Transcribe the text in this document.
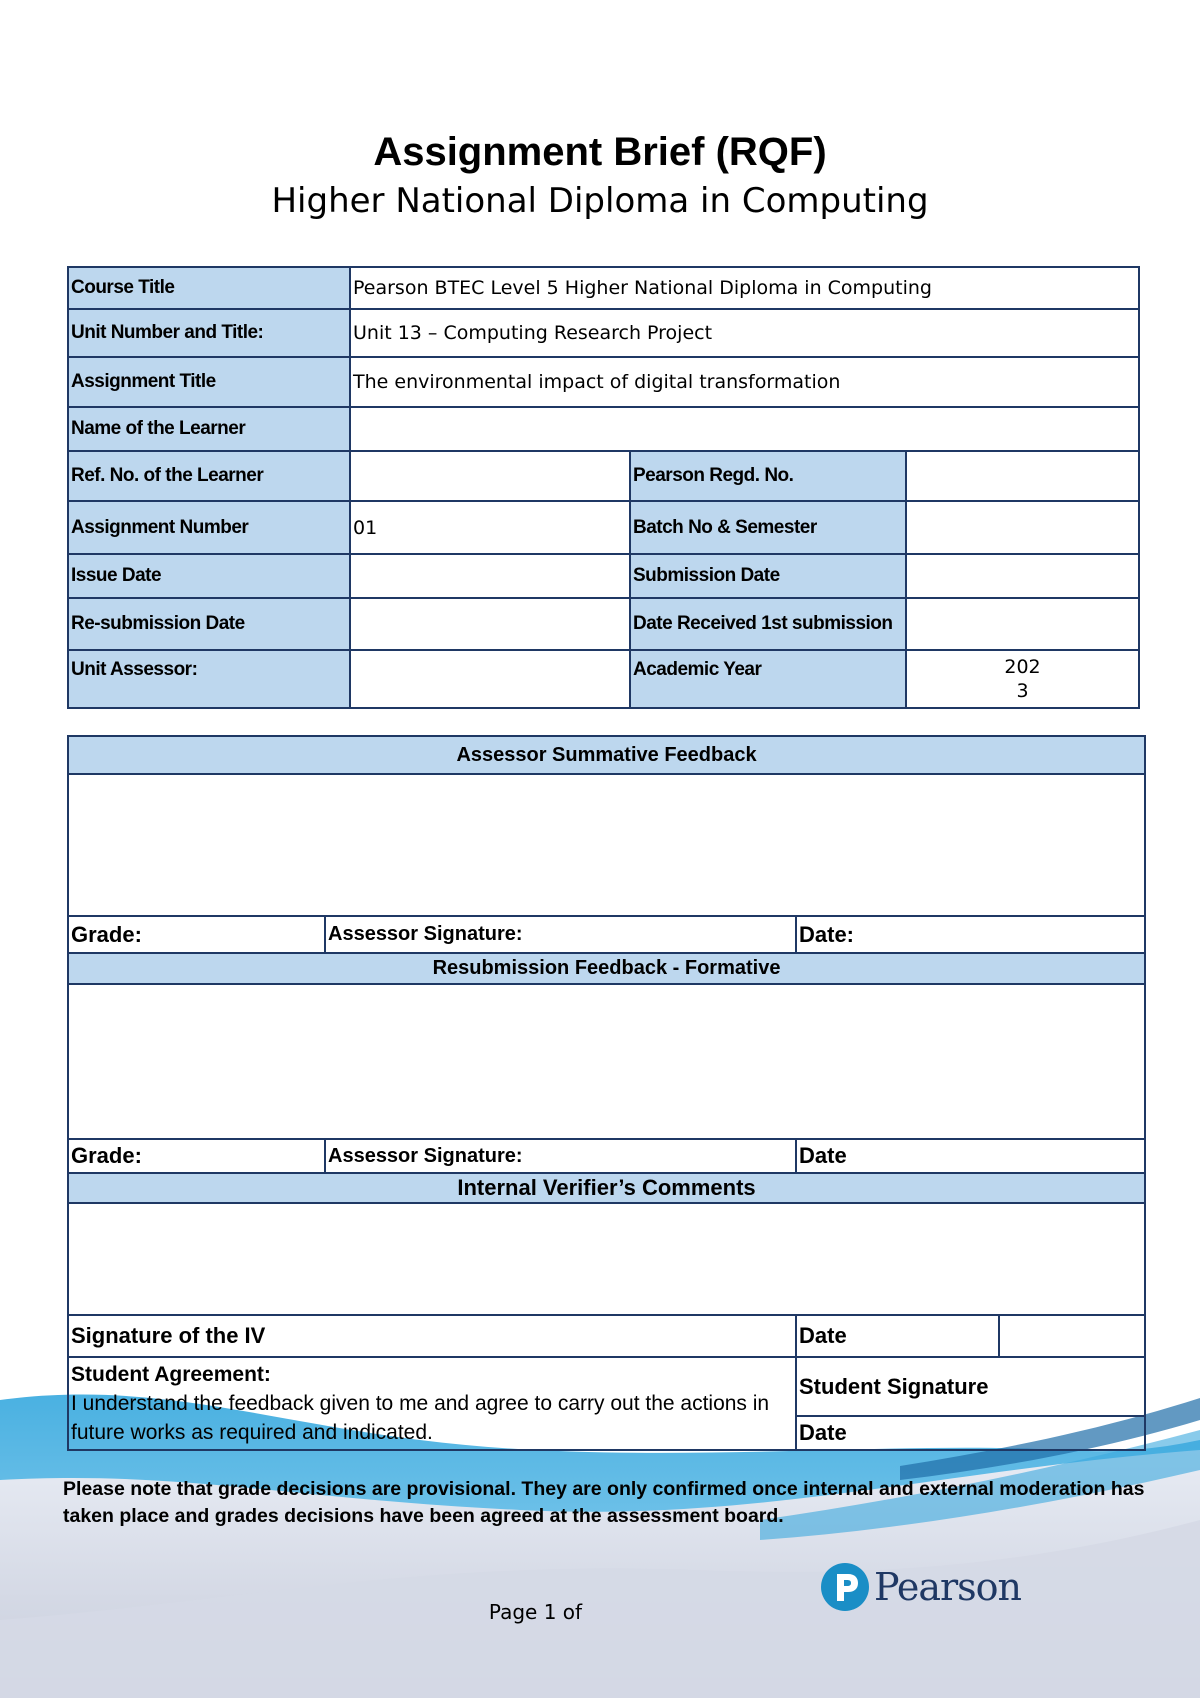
Assignment Brief (RQF)
Higher National Diploma in Computing
Course Title	Pearson BTEC Level 5 Higher National Diploma in Computing		
Unit Number and Title:	Unit 13 – Computing Research Project		
Assignment Title	The environmental impact of digital transformation		
Name of the Learner			
Ref. No. of the Learner		Pearson Regd. No.	
Assignment Number	01	Batch No & Semester	
Issue Date		Submission Date	
Re-submission Date		Date Received 1st submission	
Unit Assessor:		Academic Year	202
3
Assessor Summative Feedback			

Grade:	Assessor Signature:	Date:	
Resubmission Feedback - Formative			

Grade:	Assessor Signature:	Date	
Internal Verifier’s Comments			

Signature of the IV		Date	

Student Agreement:
I understand the feedback given to me and agree to carry out the actions in future works as required and indicated.		Student Signature	
		Date	
Please note that grade decisions are provisional. They are only confirmed once internal and external moderation has taken place and grades decisions have been agreed at the assessment board.
Page 1 of
Pearson
